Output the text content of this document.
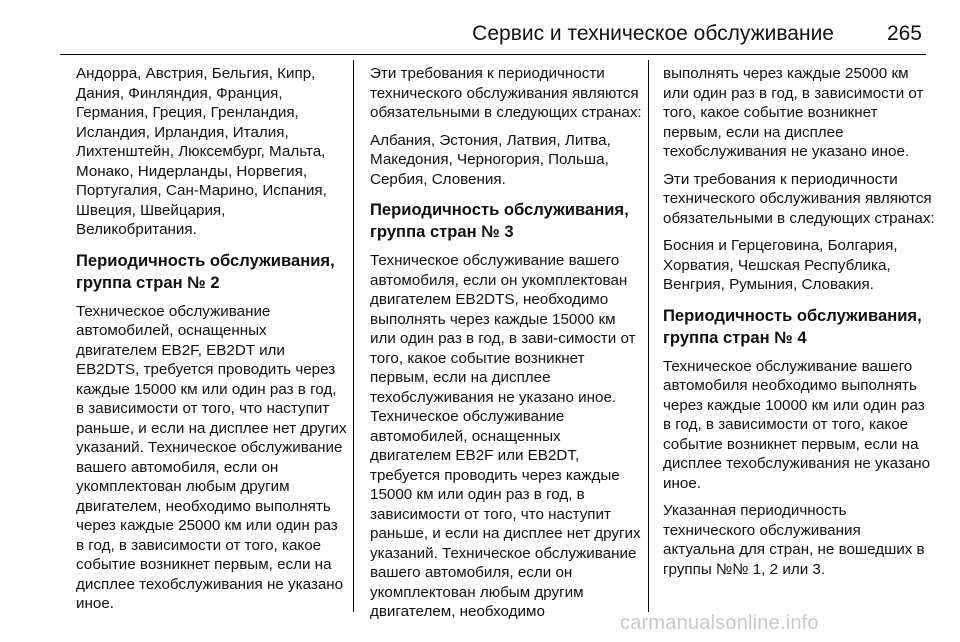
Сервис и техническое обслуживание	265

Андорра, Австрия, Бельгия, Кипр, Дания, Финляндия, Франция, Германия, Греция, Гренландия, Исландия, Ирландия, Италия, Лихтенштейн, Люксембург, Мальта, Монако, Нидерланды, Норвегия, Португалия, Сан-Марино, Испания, Швеция, Швейцария, Великобритания.

Периодичность обслуживания, группа стран № 2

Техническое обслуживание автомобилей, оснащенных двигателем EB2F, EB2DT или EB2DTS, требуется проводить через каждые 15000 км или один раз в год, в зависимости от того, что наступит раньше, и если на дисплее нет других указаний. Техническое обслуживание вашего автомобиля, если он укомплектован любым другим двигателем, необходимо выполнять через каждые 25000 км или один раз в год, в зависимости от того, какое событие возникнет первым, если на дисплее техобслуживания не указано иное.

Эти требования к периодичности технического обслуживания являются обязательными в следующих странах:

Албания, Эстония, Латвия, Литва, Македония, Черногория, Польша, Сербия, Словения.

Периодичность обслуживания, группа стран № 3

Техническое обслуживание вашего автомобиля, если он укомплектован двигателем EB2DTS, необходимо выполнять через каждые 15000 км или один раз в год, в зави-симости от того, какое событие возникнет первым, если на дисплее техобслуживания не указано иное. Техническое обслуживание автомобилей, оснащенных двигателем EB2F или EB2DT, требуется проводить через каждые 15000 км или один раз в год, в зависимости от того, что наступит раньше, и если на дисплее нет других указаний. Техническое обслуживание вашего автомобиля, если он укомплектован любым другим двигателем, необходимо

выполнять через каждые 25000 км или один раз в год, в зависимости от того, какое событие возникнет первым, если на дисплее техобслуживания не указано иное.

Эти требования к периодичности технического обслуживания являются обязательными в следующих странах:

Босния и Герцеговина, Болгария, Хорватия, Чешская Республика, Венгрия, Румыния, Словакия.

Периодичность обслуживания, группа стран № 4

Техническое обслуживание вашего автомобиля необходимо выполнять через каждые 10000 км или один раз в год, в зависимости от того, какое событие возникнет первым, если на дисплее техобслуживания не указано иное.

Указанная периодичность технического обслуживания актуальна для стран, не вошедших в группы №№ 1, 2 или 3.

carmanualsonline.info
